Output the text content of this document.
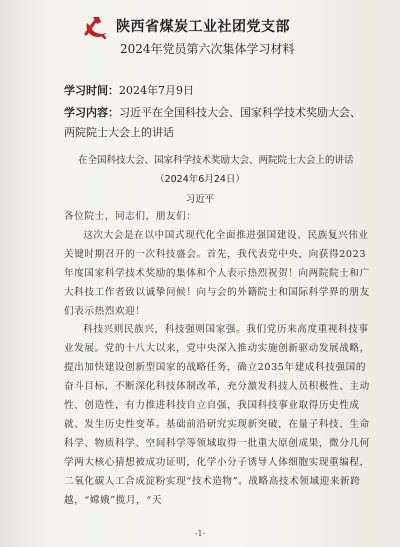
陕西省煤炭工业社团党支部
2024年党员第六次集体学习材料
学习时间：2024年7月9日
学习内容：习近平在全国科技大会、国家科学技术奖励大会、
两院院士大会上的讲话
在全国科技大会、国家科学技术奖励大会、两院院士大会上的讲话
（2024年6月24日）
习近平

各位院士，同志们，朋友们：

这次大会是在以中国式现代化全面推进强国建设、民族复兴伟业关键时期召开的一次科技盛会。首先，我代表党中央，向获得2023年度国家科学技术奖励的集体和个人表示热烈祝贺！向两院院士和广大科技工作者致以诚挚问候！向与会的外籍院士和国际科学界的朋友们表示热烈欢迎！

科技兴则民族兴，科技强则国家强。我们党历来高度重视科技事业发展。党的十八大以来，党中央深入推动实施创新驱动发展战略，提出加快建设创新型国家的战略任务，确立2035年建成科技强国的奋斗目标，不断深化科技体制改革，充分激发科技人员积极性、主动性、创造性，有力推进科技自立自强，我国科技事业取得历史性成就、发生历史性变革。基础前沿研究实现新突破，在量子科技、生命科学、物质科学、空间科学等领域取得一批重大原创成果，微分几何学两大核心猜想被成功证明，化学小分子诱导人体细胞实现重编程，二氧化碳人工合成淀粉实现“技术造物”。战略高技术领域迎来新跨越，“嫦娥”揽月，“天

-1-
